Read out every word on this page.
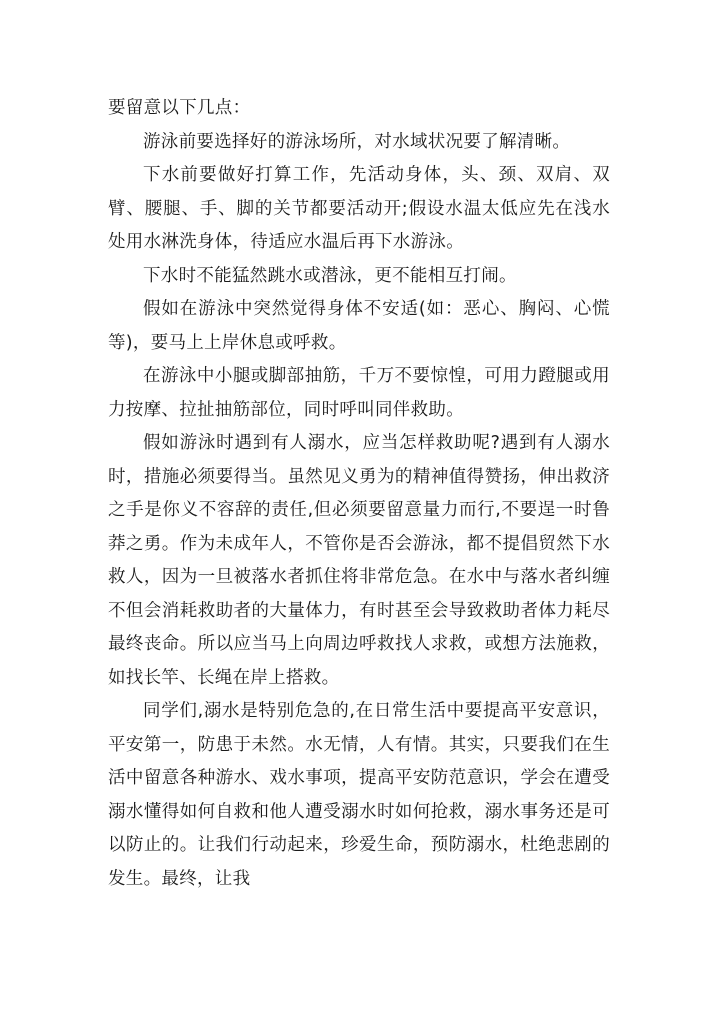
要留意以下几点：

游泳前要选择好的游泳场所，对水域状况要了解清晰。

下水前要做好打算工作，先活动身体，头、颈、双肩、双臂、腰腿、手、脚的关节都要活动开;假设水温太低应先在浅水处用水淋洗身体，待适应水温后再下水游泳。

下水时不能猛然跳水或潜泳，更不能相互打闹。

假如在游泳中突然觉得身体不安适(如：恶心、胸闷、心慌等)，要马上上岸休息或呼救。

在游泳中小腿或脚部抽筋，千万不要惊惶，可用力蹬腿或用力按摩、拉扯抽筋部位，同时呼叫同伴救助。

假如游泳时遇到有人溺水，应当怎样救助呢?遇到有人溺水时，措施必须要得当。虽然见义勇为的精神值得赞扬，伸出救济之手是你义不容辞的责任,但必须要留意量力而行,不要逞一时鲁莽之勇。作为未成年人，不管你是否会游泳，都不提倡贸然下水救人，因为一旦被落水者抓住将非常危急。在水中与落水者纠缠不但会消耗救助者的大量体力，有时甚至会导致救助者体力耗尽最终丧命。所以应当马上向周边呼救找人求救，或想方法施救，如找长竿、长绳在岸上搭救。

同学们,溺水是特别危急的,在日常生活中要提高平安意识，平安第一，防患于未然。水无情，人有情。其实，只要我们在生活中留意各种游水、戏水事项，提高平安防范意识，学会在遭受溺水懂得如何自救和他人遭受溺水时如何抢救，溺水事务还是可以防止的。让我们行动起来，珍爱生命，预防溺水，杜绝悲剧的发生。最终，让我
